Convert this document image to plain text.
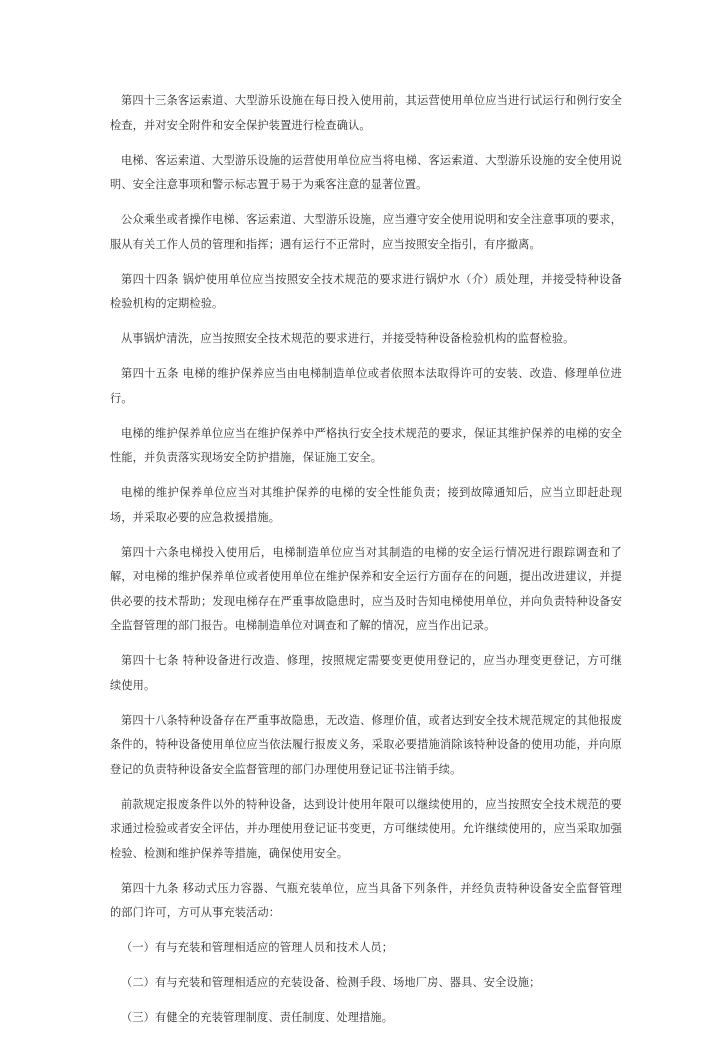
第四十三条客运索道、大型游乐设施在每日投入使用前，其运营使用单位应当进行试运行和例行安全检查，并对安全附件和安全保护装置进行检查确认。

电梯、客运索道、大型游乐设施的运营使用单位应当将电梯、客运索道、大型游乐设施的安全使用说明、安全注意事项和警示标志置于易于为乘客注意的显著位置。

公众乘坐或者操作电梯、客运索道、大型游乐设施，应当遵守安全使用说明和安全注意事项的要求，服从有关工作人员的管理和指挥；遇有运行不正常时，应当按照安全指引，有序撤离。

第四十四条 锅炉使用单位应当按照安全技术规范的要求进行锅炉水（介）质处理，并接受特种设备检验机构的定期检验。

从事锅炉清洗，应当按照安全技术规范的要求进行，并接受特种设备检验机构的监督检验。

第四十五条 电梯的维护保养应当由电梯制造单位或者依照本法取得许可的安装、改造、修理单位进行。

电梯的维护保养单位应当在维护保养中严格执行安全技术规范的要求，保证其维护保养的电梯的安全性能，并负责落实现场安全防护措施，保证施工安全。

电梯的维护保养单位应当对其维护保养的电梯的安全性能负责；接到故障通知后，应当立即赶赴现场，并采取必要的应急救援措施。

第四十六条电梯投入使用后，电梯制造单位应当对其制造的电梯的安全运行情况进行跟踪调查和了解，对电梯的维护保养单位或者使用单位在维护保养和安全运行方面存在的问题，提出改进建议，并提供必要的技术帮助；发现电梯存在严重事故隐患时，应当及时告知电梯使用单位，并向负责特种设备安全监督管理的部门报告。电梯制造单位对调查和了解的情况，应当作出记录。

第四十七条 特种设备进行改造、修理，按照规定需要变更使用登记的，应当办理变更登记，方可继续使用。

第四十八条特种设备存在严重事故隐患，无改造、修理价值，或者达到安全技术规范规定的其他报废条件的，特种设备使用单位应当依法履行报废义务，采取必要措施消除该特种设备的使用功能，并向原登记的负责特种设备安全监督管理的部门办理使用登记证书注销手续。

前款规定报废条件以外的特种设备，达到设计使用年限可以继续使用的，应当按照安全技术规范的要求通过检验或者安全评估，并办理使用登记证书变更，方可继续使用。允许继续使用的，应当采取加强检验、检测和维护保养等措施，确保使用安全。

第四十九条 移动式压力容器、气瓶充装单位，应当具备下列条件，并经负责特种设备安全监督管理的部门许可，方可从事充装活动：

（一）有与充装和管理相适应的管理人员和技术人员；

（二）有与充装和管理相适应的充装设备、检测手段、场地厂房、器具、安全设施；

（三）有健全的充装管理制度、责任制度、处理措施。
